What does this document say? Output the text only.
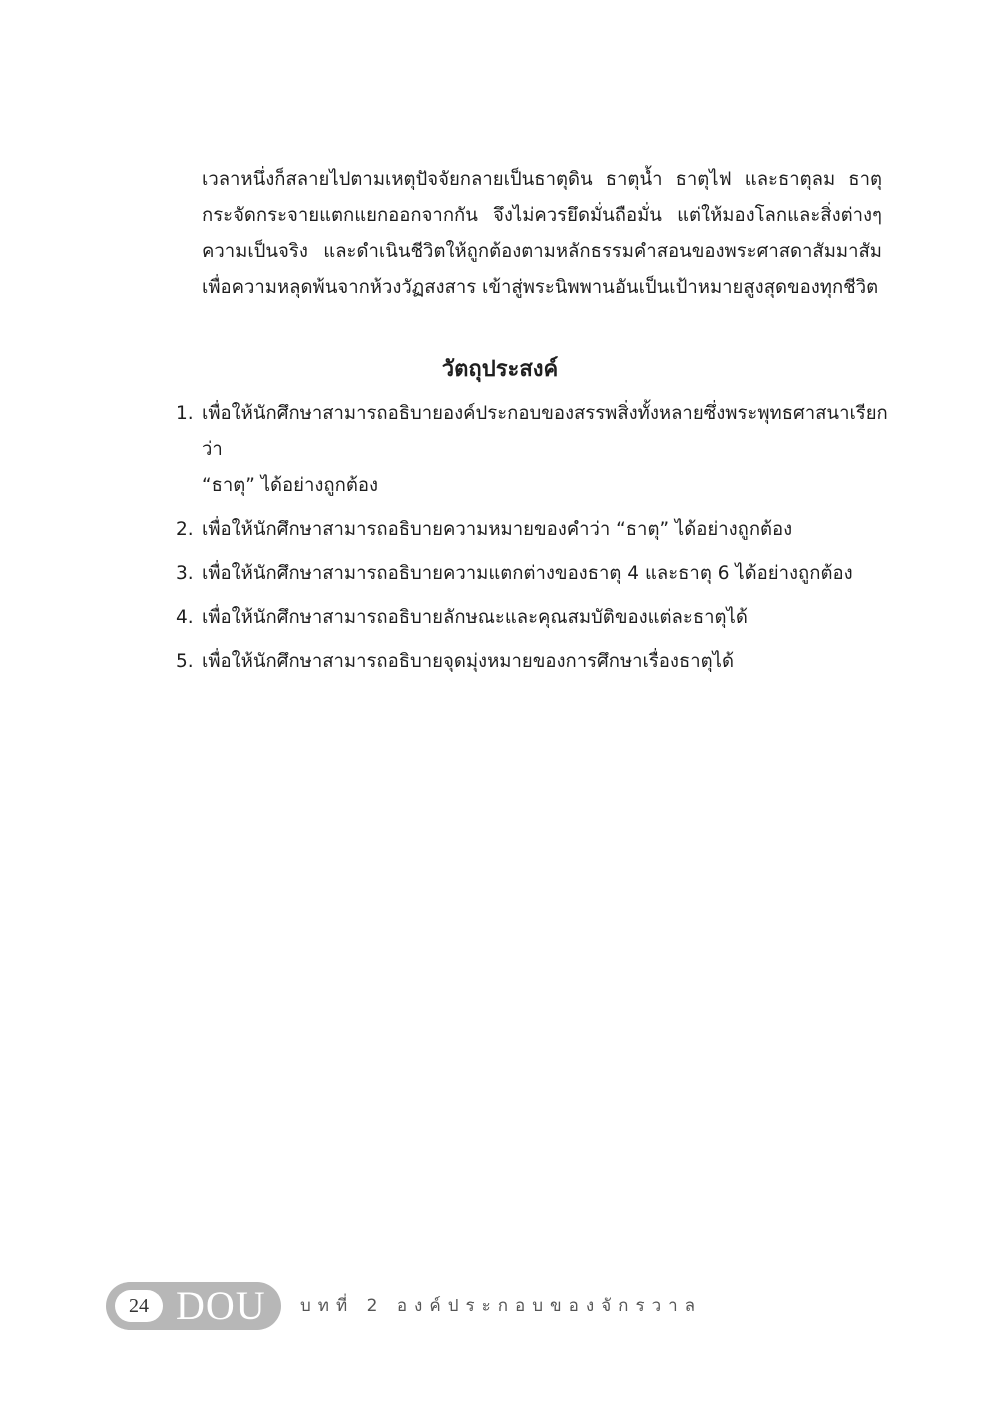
เวลาหนึ่งก็สลายไปตามเหตุปัจจัยกลายเป็นธาตุดิน ธาตุน้ำ ธาตุไฟ และธาตุลม ธาตุ
กระจัดกระจายแตกแยกออกจากกัน จึงไม่ควรยึดมั่นถือมั่น แต่ให้มองโลกและสิ่งต่างๆ
ความเป็นจริง และดำเนินชีวิตให้ถูกต้องตามหลักธรรมคำสอนของพระศาสดาสัมมาสัม
เพื่อความหลุดพ้นจากห้วงวัฏสงสาร เข้าสู่พระนิพพานอันเป็นเป้าหมายสูงสุดของทุกชีวิต
วัตถุประสงค์
1. เพื่อให้นักศึกษาสามารถอธิบายองค์ประกอบของสรรพสิ่งทั้งหลายซึ่งพระพุทธศาสนาเรียกว่า
“ธาตุ” ได้อย่างถูกต้อง
2. เพื่อให้นักศึกษาสามารถอธิบายความหมายของคำว่า “ธาตุ” ได้อย่างถูกต้อง
3. เพื่อให้นักศึกษาสามารถอธิบายความแตกต่างของธาตุ 4 และธาตุ 6 ได้อย่างถูกต้อง
4. เพื่อให้นักศึกษาสามารถอธิบายลักษณะและคุณสมบัติของแต่ละธาตุได้
5. เพื่อให้นักศึกษาสามารถอธิบายจุดมุ่งหมายของการศึกษาเรื่องธาตุได้
24 DOU บทที่ 2 องค์ประกอบของจักรวาล
